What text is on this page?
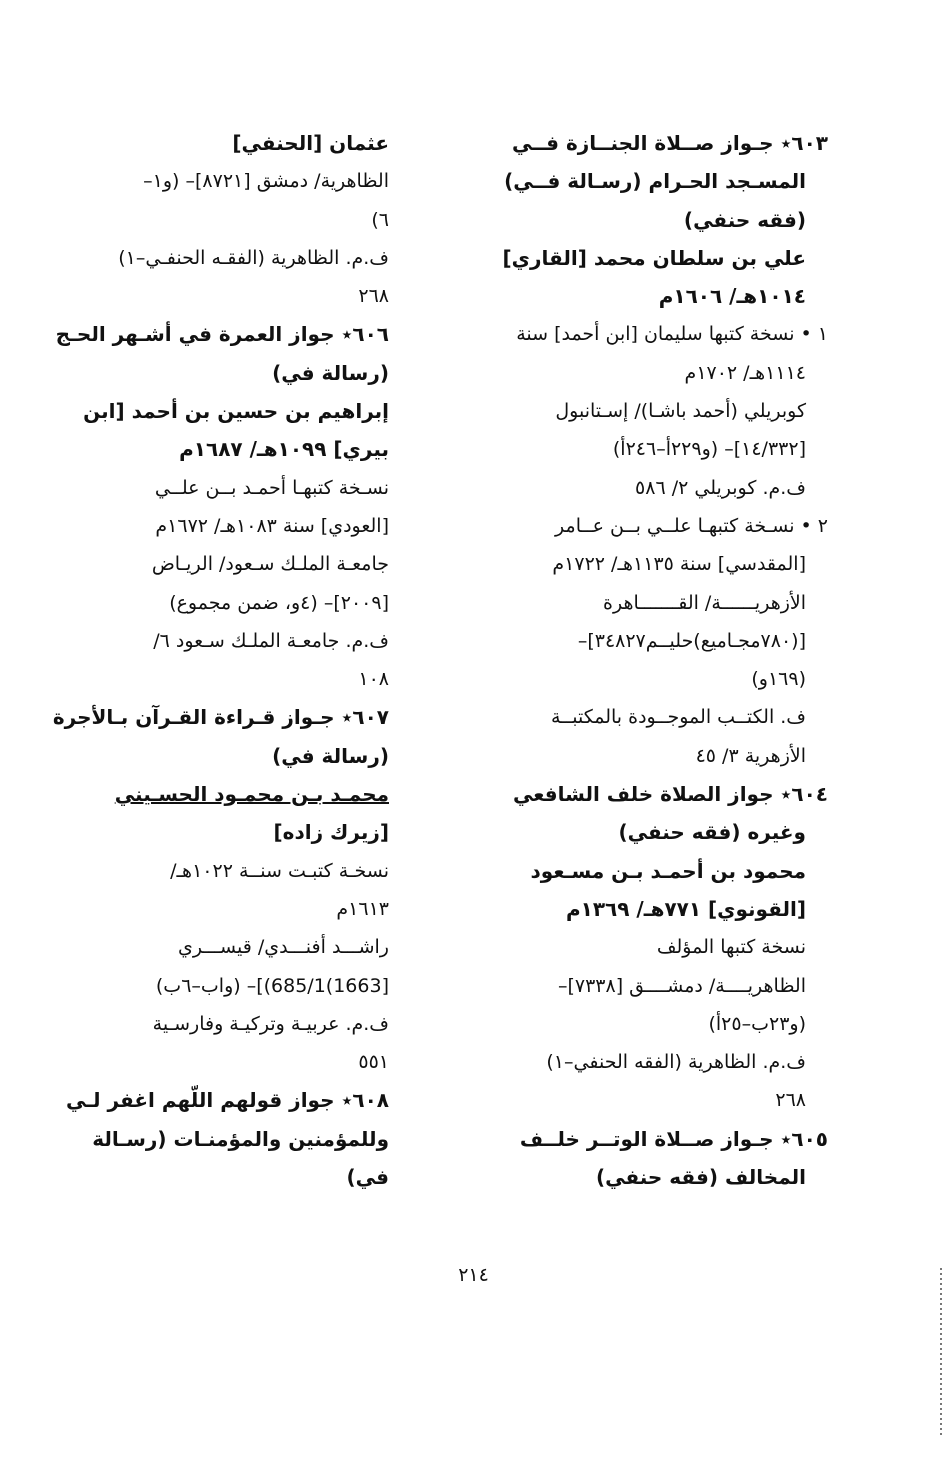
٦٠٣٭ جـواز صــلاة الجنــازة فــي
المسـجد الحـرام (رسـالة فــي)
(فقه حنفي)
علي بن سلطان محمد [القاري]
١٠١٤هـ/ ١٦٠٦م
١ • نسخة كتبها سليمان [ابن أحمد] سنة
١١١٤هـ/ ١٧٠٢م
كوبريلي (أحمد باشـا)/ إسـتانبول
[١٤/٣٣٢]– (و٢٢٩أ–٢٤٦أ)
ف.م. كوبريلي ٢/ ٥٨٦
٢ • نسـخة كتبهـا علــي بــن عــامر
[المقدسي] سنة ١١٣٥هـ/ ١٧٢٢م
الأزهريــــــة/ القـــــــاهرة
[(٧٨٠مجـاميع)حليــم٣٤٨٢٧]–
(١٦٩و)
ف. الكتــب الموجــودة بالمكتبــة
الأزهرية ٣/ ٤٥
٦٠٤٭ جواز الصلاة خلف الشافعي
وغيره (فقه حنفي)
محمود بن أحمـد بـن مسـعود
[القونوي] ٧٧١هـ/ ١٣٦٩م
نسخة كتبها المؤلف
الظاهريــــة/ دمشــــق [٧٣٣٨]–
(و٢٣ب–٢٥أ)
ف.م. الظاهرية (الفقه الحنفي–١)
٢٦٨
٦٠٥٭ جـواز صــلاة الوتــر خلــف
المخالف (فقه حنفي)
عثمان [الحنفي]
الظاهرية/ دمشق [٨٧٢١]– (و١–
٦)
ف.م. الظاهرية (الفقـه الحنفـي–١)
٢٦٨
٦٠٦٭ جواز العمرة في أشـهر الحـج
(رسالة في)
إبراهيم بن حسين بن أحمد [ابن
بيري] ١٠٩٩هـ/ ١٦٨٧م
نسـخة كتبهـا أحمـد بــن علــي
[العودي] سنة ١٠٨٣هـ/ ١٦٧٢م
جامعـة الملـك سـعود/ الريـاض
[٢٠٠٩]– (٤و، ضمن مجموع)
ف.م. جامعـة الملـك سـعود ٦/
١٠٨
٦٠٧٭ جـواز قـراءة القـرآن بـالأجرة
(رسالة في)
محمـد بـن محمـود الحسـيني
[زيرك زاده]
نسخـة كتبـت سنــة ١٠٢٢هـ/
١٦١٣م
راشـــد أفنـــدي/ قيســـري
[1663)685/1)]– (وا‎ب–٦ب)
ف.م. عربيـة وتركيـة وفارسـية
٥٥١
٦٠٨٭ جواز قولهم اللّهم اغفر لـي
وللمؤمنين والمؤمنـات (رسـالة
في)
٢١٤
